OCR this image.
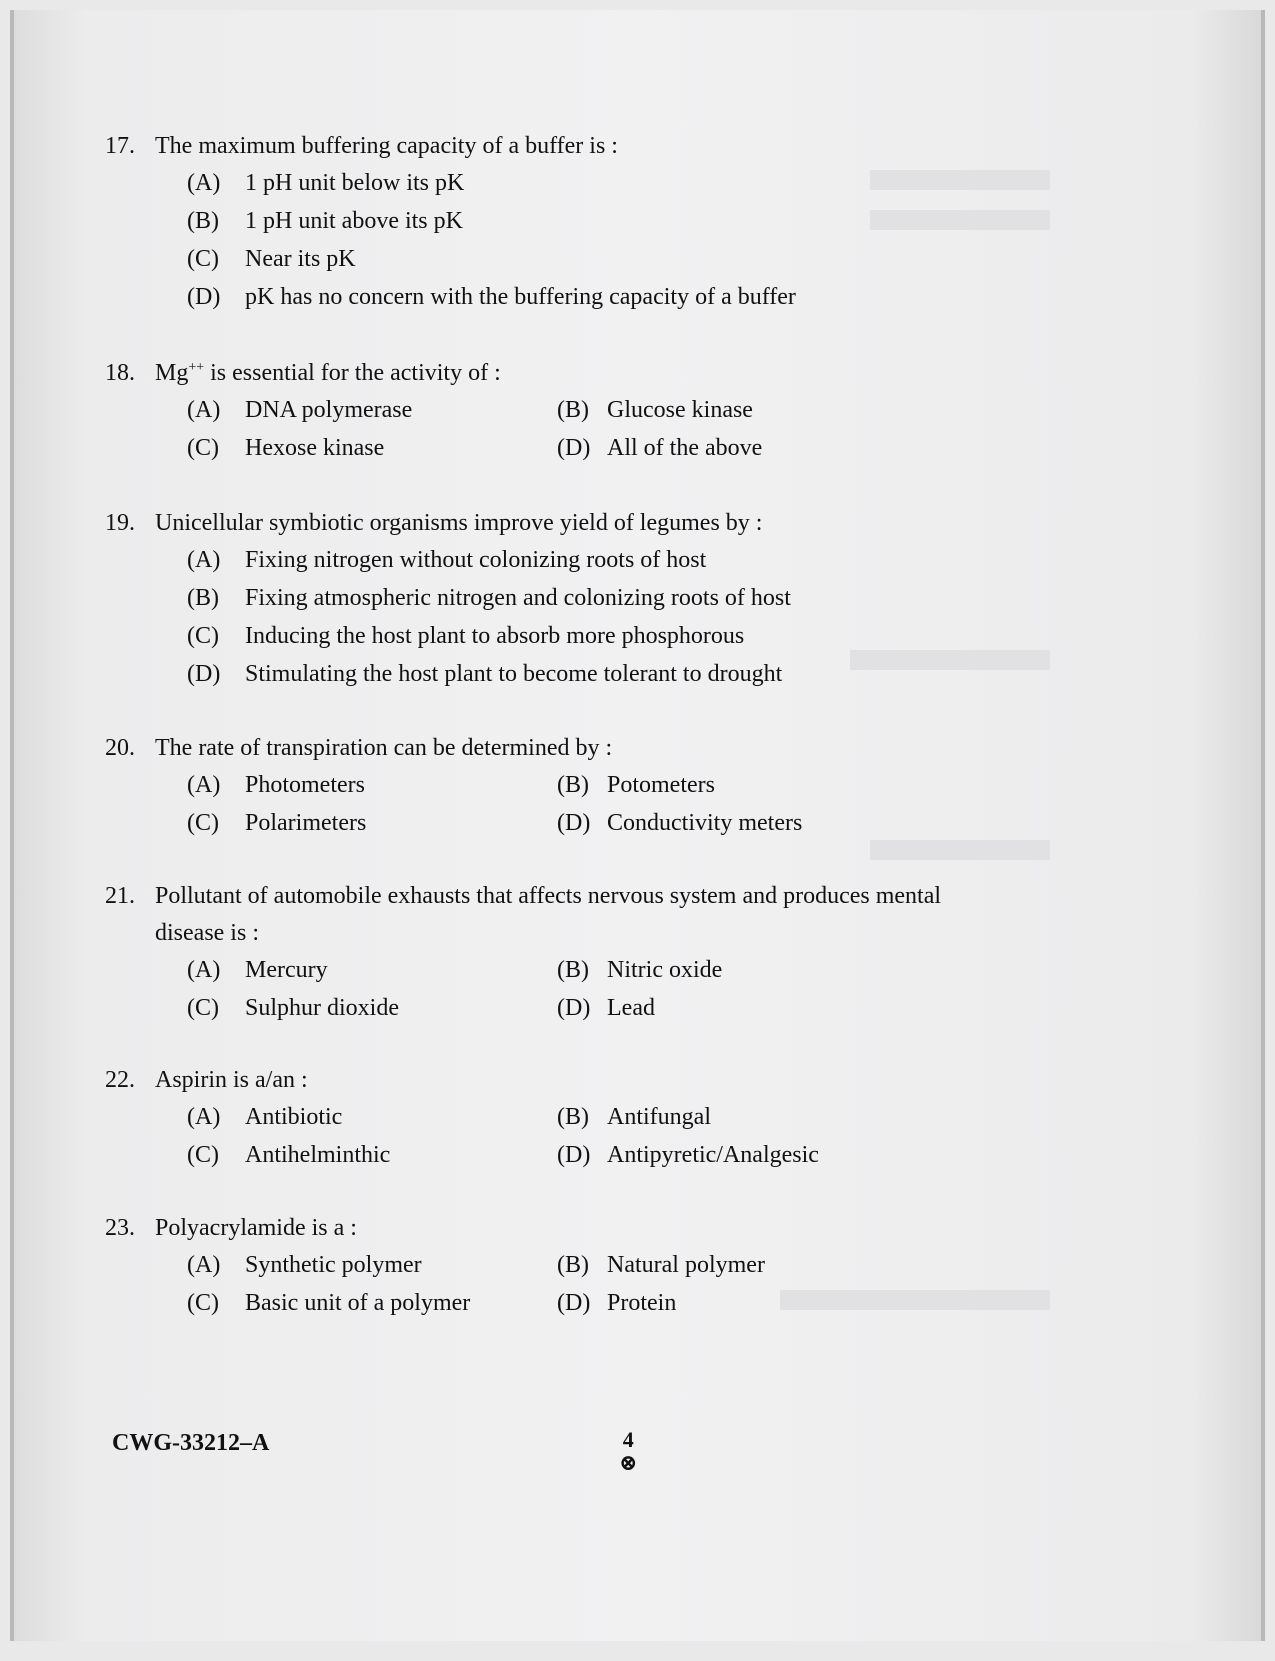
17. The maximum buffering capacity of a buffer is :
(A)	1 pH unit below its pK
(B)	1 pH unit above its pK
(C)	Near its pK
(D)	pK has no concern with the buffering capacity of a buffer
18. Mg++ is essential for the activity of :
(A)	DNA polymerase	(B) Glucose kinase
(C)	Hexose kinase	(D) All of the above
19. Unicellular symbiotic organisms improve yield of legumes by :
(A)	Fixing nitrogen without colonizing roots of host
(B)	Fixing atmospheric nitrogen and colonizing roots of host
(C)	Inducing the host plant to absorb more phosphorous
(D)	Stimulating the host plant to become tolerant to drought
20. The rate of transpiration can be determined by :
(A)	Photometers	(B) Potometers
(C)	Polarimeters	(D) Conductivity meters
21. Pollutant of automobile exhausts that affects nervous system and produces mental
disease is :
(A)	Mercury	(B) Nitric oxide
(C)	Sulphur dioxide	(D) Lead
22. Aspirin is a/an :
(A)	Antibiotic	(B) Antifungal
(C)	Antihelminthic	(D) Antipyretic/Analgesic
23. Polyacrylamide is a :
(A)	Synthetic polymer	(B) Natural polymer
(C)	Basic unit of a polymer	(D) Protein
CWG-33212–A	4
⊗
